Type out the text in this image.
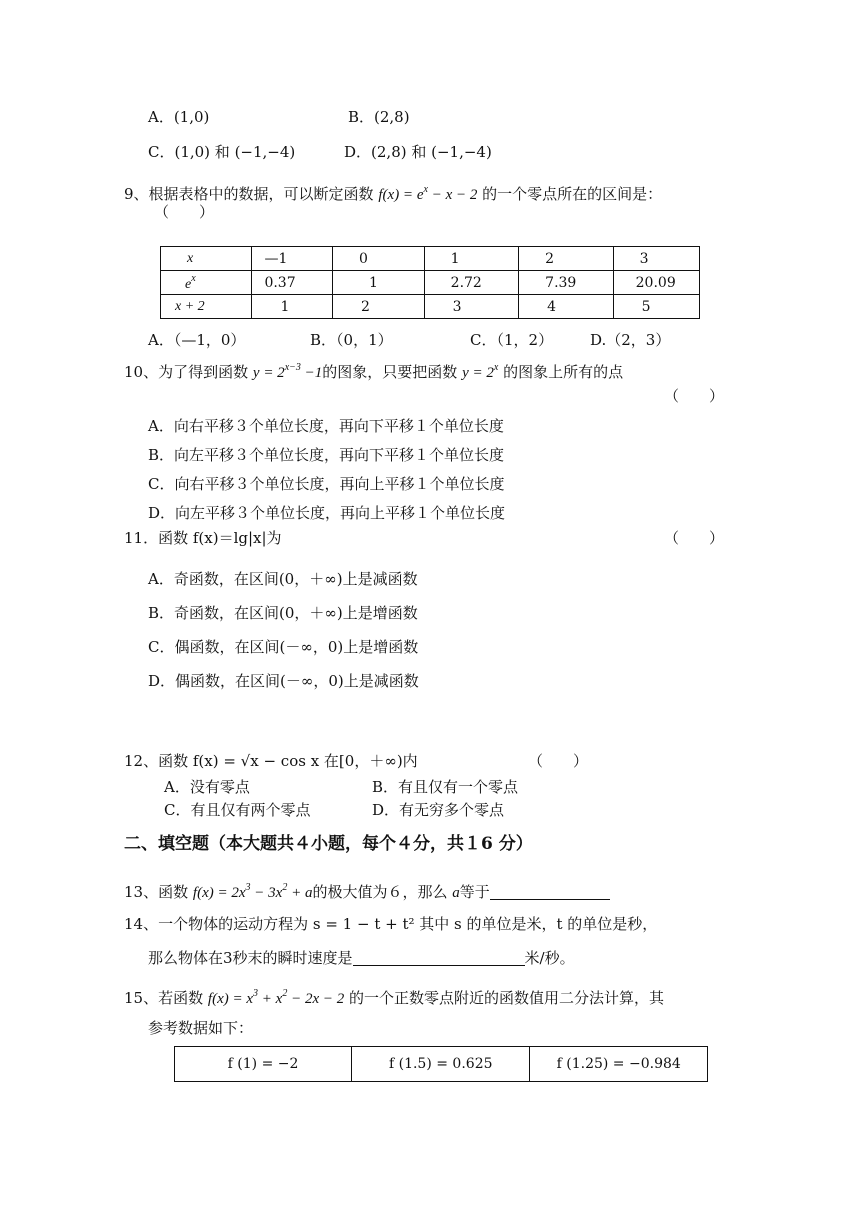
A．(1,0)	B．(2,8)
C．(1,0) 和 (−1,−4)	D．(2,8) 和 (−1,−4)
9、根据表格中的数据，可以断定函数 $f(x) = e^x - x - 2$ 的一个零点所在的区间是：
（　　）
x	—1	0	1	2	3
$e^x$	0.37	1	2.72	7.39	20.09
x + 2	1	2	3	4	5
A．（—1，0）	B．（0，1）	C．（1，2） D.（2，3）
10、为了得到函数 $y = 2^{x-3} -1$的图象，只要把函数 $y = 2^x$ 的图象上所有的点
（　　）
A．向右平移３个单位长度，再向下平移１个单位长度
B．向左平移３个单位长度，再向下平移１个单位长度
C．向右平移３个单位长度，再向上平移１个单位长度
D．向左平移３个单位长度，再向上平移１个单位长度
11．函数 f(x)＝lg|x|为	（　　）
A．奇函数，在区间(0，＋∞)上是减函数
B．奇函数，在区间(0，＋∞)上是增函数
C．偶函数，在区间(－∞，0)上是增函数
D．偶函数，在区间(－∞，0)上是减函数
12、函数 f(x) = √x − cos x 在[0，＋∞)内	（　　）
A．没有零点	B．有且仅有一个零点
C．有且仅有两个零点	D．有无穷多个零点
二、填空题（本大题共４小题，每个４分，共１6 分）
13、函数 $f(x) = 2x^3 - 3x^2 + a$的极大值为６，那么 a等于
14、一个物体的运动方程为 s = 1 − t + t² 其中 s 的单位是米，t 的单位是秒，
那么物体在3秒末的瞬时速度是	米/秒。
15、若函数 $f(x) = x^3 + x^2 - 2x - 2$ 的一个正数零点附近的函数值用二分法计算，其
参考数据如下：
f (1) = −2	f (1.5) = 0.625	f (1.25) = −0.984
